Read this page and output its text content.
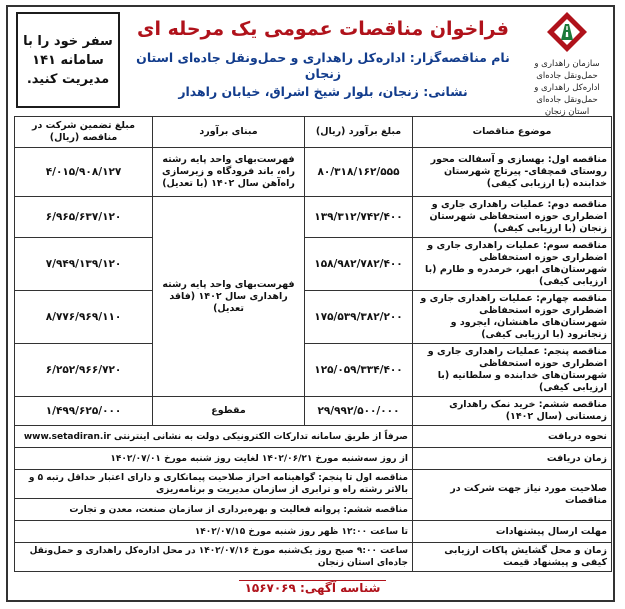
سازمان راهداری و حمل‌ونقل جاده‌ای
اداره‌کل راهداری و
حمل‌ونقل جاده‌ای
استان زنجان
فراخوان مناقصات عمومی یک مرحله ای
نام مناقصه‌گزار: اداره‌کل راهداری و حمل‌ونقل جاده‌ای استان زنجان
نشانی: زنجان، بلوار شیخ اشراق، خیابان راهدار
سفر خود را با سامانه ۱۴۱ مدیریت کنید.
موضوع مناقصات	مبلغ برآورد (ریال)	مبنای برآورد	مبلغ تضمین شرکت در مناقصه (ریال)
مناقصه اول: بهسازی و آسفالت محور روستای قمچقای- پیرتاج شهرستان خدابنده (با ارزیابی کیفی)	۸۰/۳۱۸/۱۶۲/۵۵۵	فهرست‌بهای واحد پایه رشته راه، باند فرودگاه و زیرسازی راه‌آهن سال ۱۴۰۲ (با تعدیل)	۴/۰۱۵/۹۰۸/۱۲۷
مناقصه دوم: عملیات راهداری جاری و اضطراری حوزه استحفاظی شهرستان زنجان (با ارزیابی کیفی)	۱۳۹/۳۱۲/۷۴۲/۴۰۰	فهرست‌بهای واحد پایه رشته راهداری سال ۱۴۰۲ (فاقد تعدیل)	۶/۹۶۵/۶۳۷/۱۲۰
مناقصه سوم: عملیات راهداری جاری و اضطراری حوزه استحفاظی شهرستان‌های ابهر، خرمدره و طارم (با ارزیابی کیفی)	۱۵۸/۹۸۲/۷۸۲/۴۰۰		۷/۹۴۹/۱۳۹/۱۲۰
مناقصه چهارم: عملیات راهداری جاری و اضطراری حوزه استحفاظی شهرستان‌های ماهنشان، ایجرود و زنجانرود (با ارزیابی کیفی)	۱۷۵/۵۳۹/۳۸۲/۲۰۰		۸/۷۷۶/۹۶۹/۱۱۰
مناقصه پنجم: عملیات راهداری جاری و اضطراری حوزه استحفاظی شهرستان‌های خدابنده و سلطانیه (با ارزیابی کیفی)	۱۲۵/۰۵۹/۳۳۴/۴۰۰		۶/۲۵۲/۹۶۶/۷۲۰
مناقصه ششم: خرید نمک راهداری زمستانی (سال ۱۴۰۲)	۲۹/۹۹۲/۵۰۰/۰۰۰	مقطوع	۱/۴۹۹/۶۲۵/۰۰۰
نحوه دریافت	صرفاً از طریق سامانه تدارکات الکترونیکی دولت به نشانی اینترنتی www.setadiran.ir		
زمان دریافت	از روز سه‌شنبه مورخ ۱۴۰۲/۰۶/۲۱ لغایت روز شنبه مورخ ۱۴۰۲/۰۷/۰۱		
صلاحیت مورد نیاز جهت شرکت در مناقصات	مناقصه اول تا پنجم: گواهینامه احراز صلاحیت پیمانکاری و دارای اعتبار حداقل رتبه ۵ و بالاتر رشته راه و ترابری از سازمان مدیریت و برنامه‌ریزی		
	مناقصه ششم: پروانه فعالیت و بهره‌برداری از سازمان صنعت، معدن و تجارت		
مهلت ارسال پیشنهادات	تا ساعت ۱۲:۰۰ ظهر روز شنبه مورخ ۱۴۰۲/۰۷/۱۵		
زمان و محل گشایش پاکات ارزیابی کیفی و پیشنهاد قیمت	ساعت ۹:۰۰ صبح روز یک‌شنبه مورخ ۱۴۰۲/۰۷/۱۶ در محل اداره‌کل راهداری و حمل‌ونقل جاده‌ای استان زنجان		
شناسه آگهی: ۱۵۶۷۰۶۹
